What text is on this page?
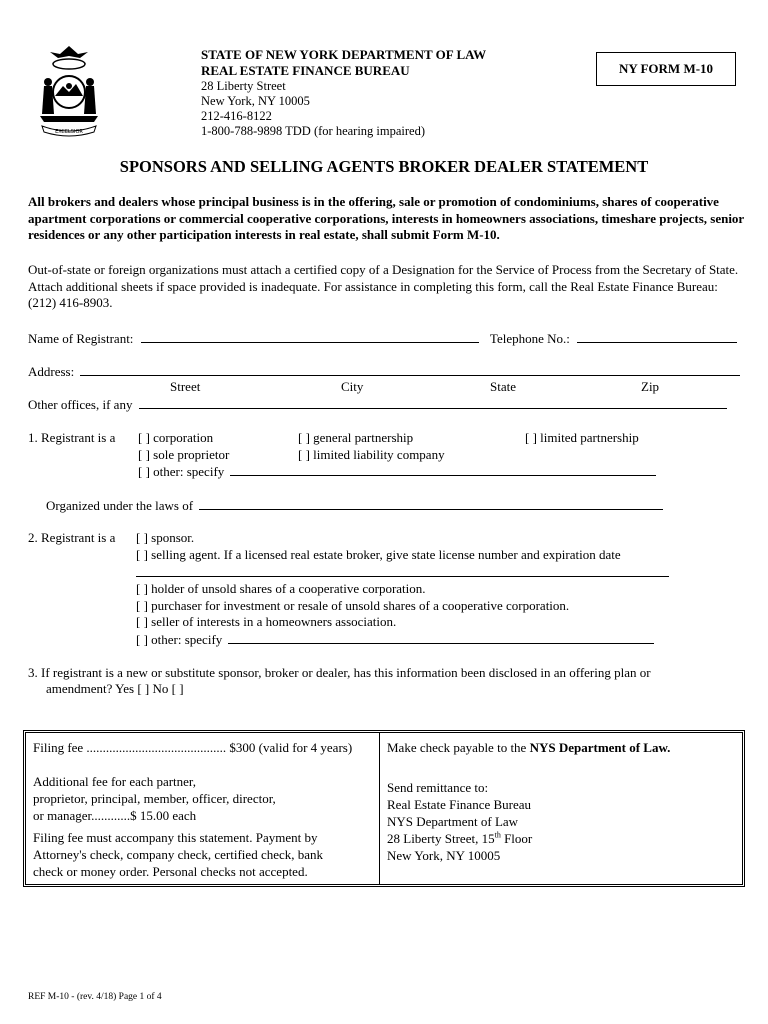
EXCELSIOR
STATE OF NEW YORK DEPARTMENT OF LAW
REAL ESTATE FINANCE BUREAU
28 Liberty Street
New York, NY 10005
212-416-8122
1-800-788-9898 TDD (for hearing impaired)
NY FORM M-10
SPONSORS AND SELLING AGENTS BROKER DEALER STATEMENT
All brokers and dealers whose principal business is in the offering, sale or promotion of condominiums, shares of cooperative apartment corporations or commercial cooperative corporations, interests in homeowners associations, timeshare projects, senior residences or any other participation interests in real estate, shall submit Form M-10.
Out-of-state or foreign organizations must attach a certified copy of a Designation for the Service of Process from the Secretary of State. Attach additional sheets if space provided is inadequate. For assistance in completing this form, call the Real Estate Finance Bureau: (212) 416-8903.
Name of Registrant:	Telephone No.:
Address:
Street	City	State	Zip
Other offices, if any
1. Registrant is a [ ] corporation	[ ] general partnership	[ ] limited partnership
[ ] sole proprietor	[ ] limited liability company
[ ] other: specify
Organized under the laws of
2. Registrant is a [ ] sponsor.
[ ] selling agent. If a licensed real estate broker, give state license number and expiration date
[ ] holder of unsold shares of a cooperative corporation.
[ ] purchaser for investment or resale of unsold shares of a cooperative corporation.
[ ] seller of interests in a homeowners association.
[ ] other: specify
3. If registrant is a new or substitute sponsor, broker or dealer, has this information been disclosed in an offering plan or
amendment? Yes [ ] No [ ]
Filing fee ........................................... $300 (valid for 4 years)
Additional fee for each partner,
proprietor, principal, member, officer, director,
or manager............$ 15.00 each
Filing fee must accompany this statement. Payment by
Attorney's check, company check, certified check, bank
check or money order. Personal checks not accepted.
Make check payable to the NYS Department of Law.
Send remittance to:
Real Estate Finance Bureau
NYS Department of Law
28 Liberty Street, 15th Floor
New York, NY 10005
REF M-10 - (rev. 4/18) Page 1 of 4
